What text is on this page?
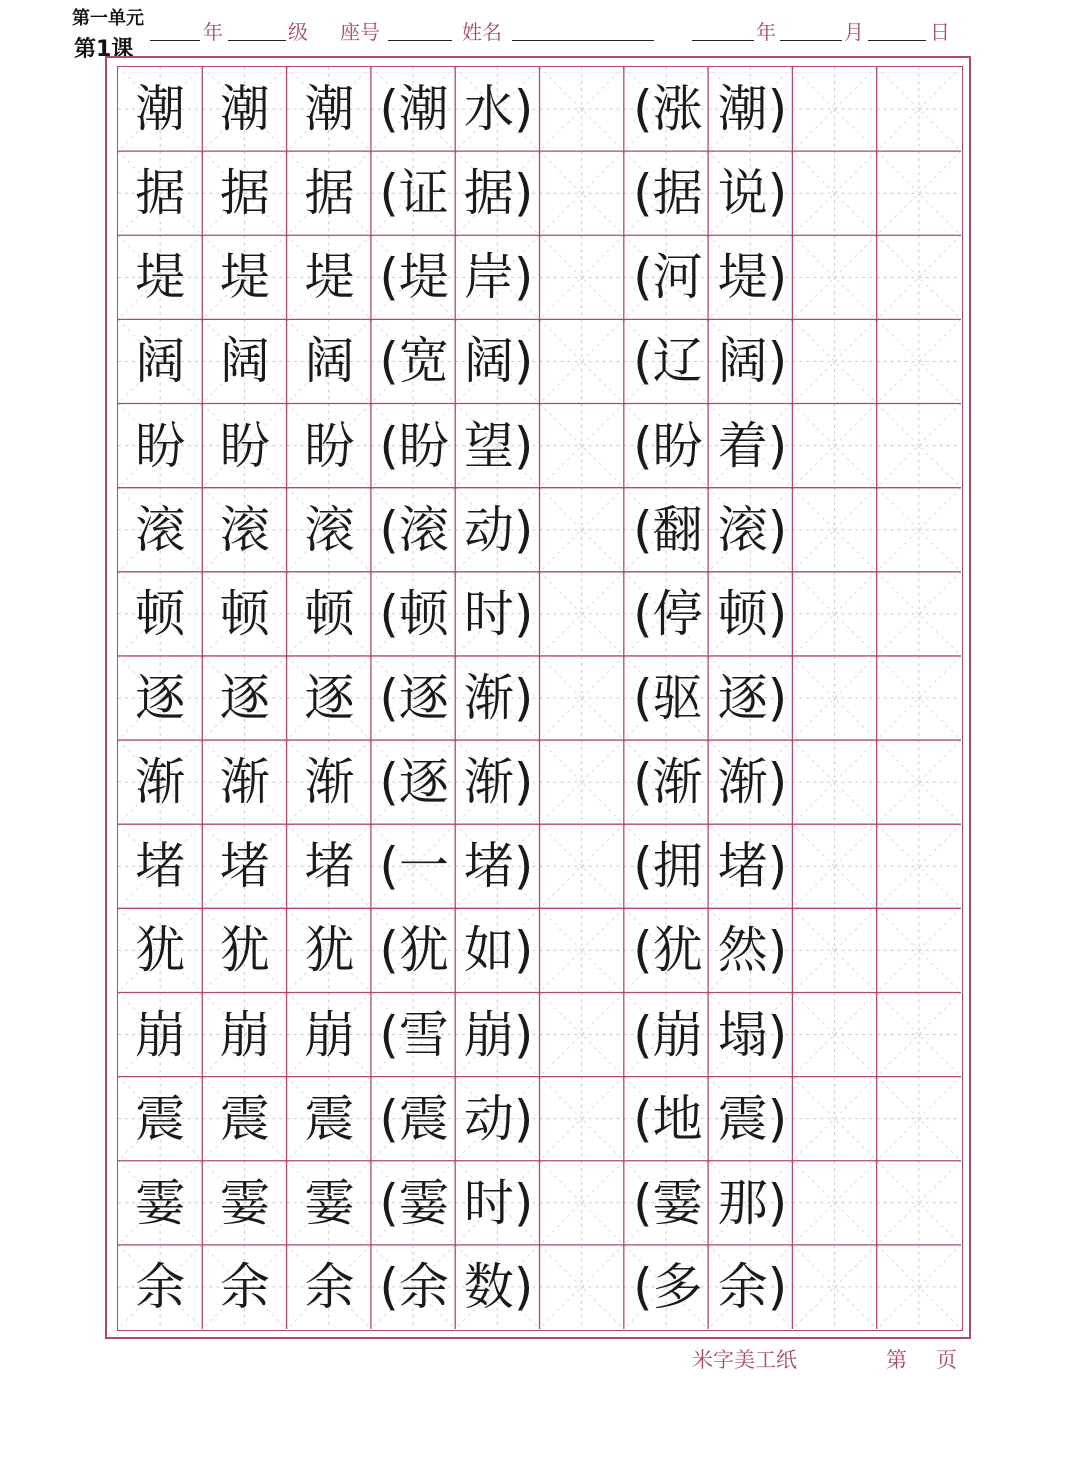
第一单元
第1课
年	级 座号	姓名	年	月	日
潮 潮 潮 ( 潮 水 ) ( 涨 潮 )
据 据 据 ( 证 据 ) ( 据 说 )
堤 堤 堤 ( 堤 岸 ) ( 河 堤 )
阔 阔 阔 ( 宽 阔 ) ( 辽 阔 )
盼 盼 盼 ( 盼 望 ) ( 盼 着 )
滚 滚 滚 ( 滚 动 ) ( 翻 滚 )
顿 顿 顿 ( 顿 时 ) ( 停 顿 )
逐 逐 逐 ( 逐 渐 ) ( 驱 逐 )
渐 渐 渐 ( 逐 渐 ) ( 渐 渐 )
堵 堵 堵 ( 一 堵 ) ( 拥 堵 )
犹 犹 犹 ( 犹 如 ) ( 犹 然 )
崩 崩 崩 ( 雪 崩 ) ( 崩 塌 )
震 震 震 ( 震 动 ) ( 地 震 )
霎 霎 霎 ( 霎 时 ) ( 霎 那 )
余 余 余 ( 余 数 ) ( 多 余 )
米字美工纸	第 页
